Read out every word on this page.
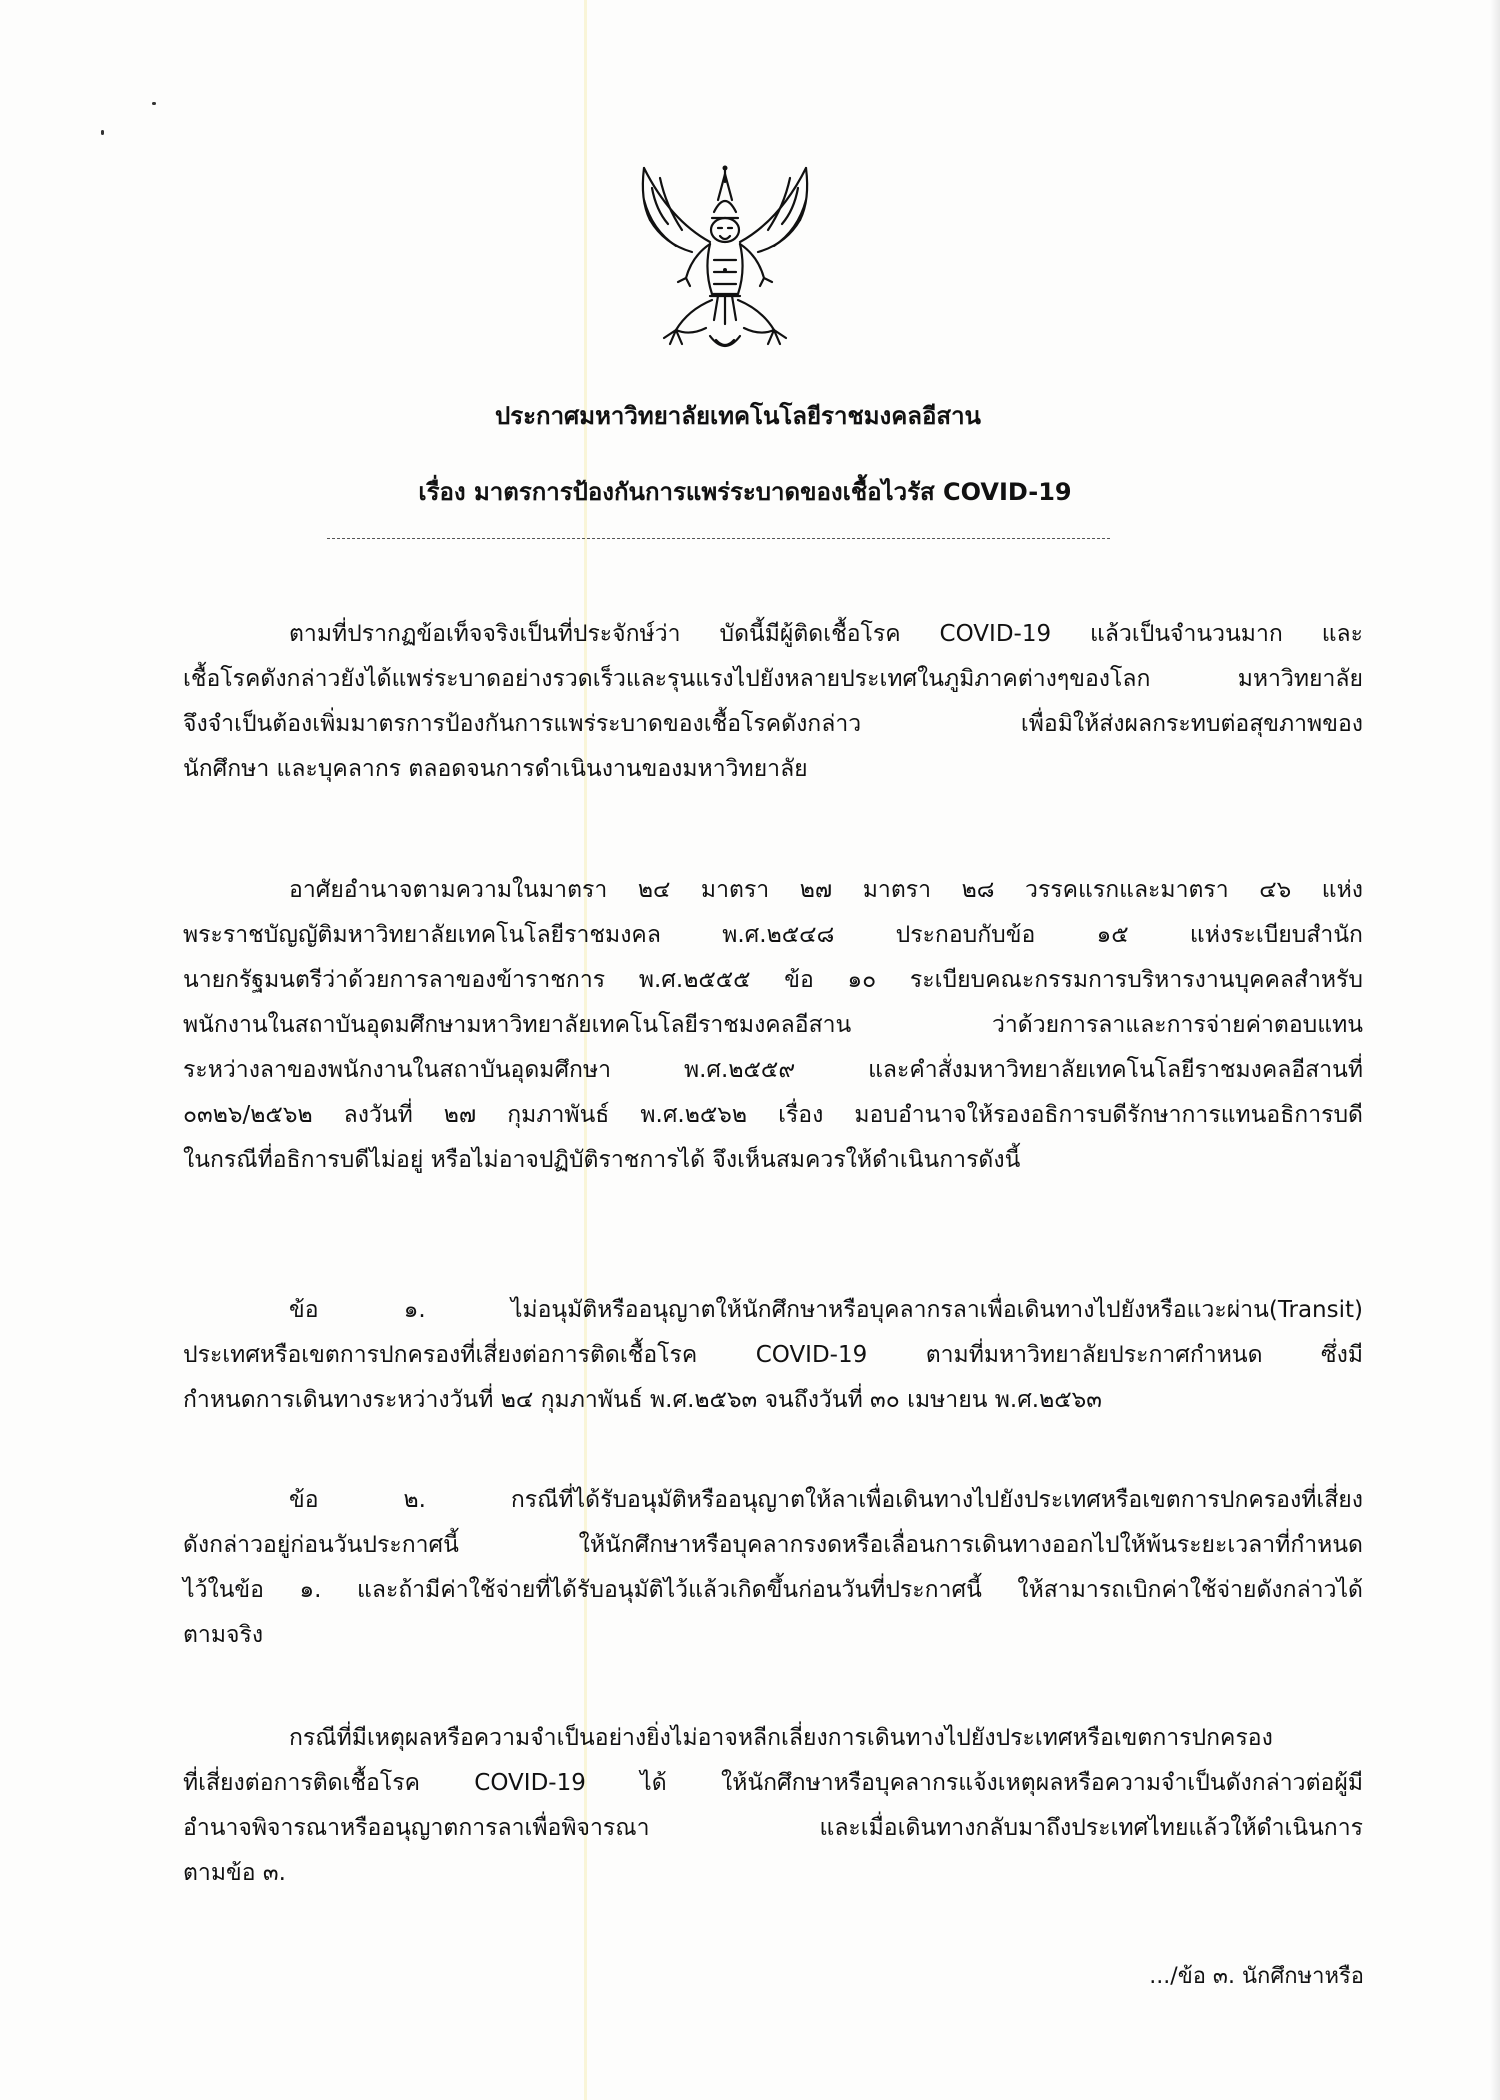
ประกาศมหาวิทยาลัยเทคโนโลยีราชมงคลอีสาน
เรื่อง มาตรการป้องกันการแพร่ระบาดของเชื้อไวรัส COVID-19
ตามที่ปรากฏข้อเท็จจริงเป็นที่ประจักษ์ว่า บัดนี้มีผู้ติดเชื้อโรค COVID-19 แล้วเป็นจำนวนมาก และ
เชื้อโรคดังกล่าวยังได้แพร่ระบาดอย่างรวดเร็วและรุนแรงไปยังหลายประเทศในภูมิภาคต่างๆของโลก มหาวิทยาลัย
จึงจำเป็นต้องเพิ่มมาตรการป้องกันการแพร่ระบาดของเชื้อโรคดังกล่าว เพื่อมิให้ส่งผลกระทบต่อสุขภาพของ
นักศึกษา และบุคลากร ตลอดจนการดำเนินงานของมหาวิทยาลัย
อาศัยอำนาจตามความในมาตรา ๒๔ มาตรา ๒๗ มาตรา ๒๘ วรรคแรกและมาตรา ๔๖ แห่ง
พระราชบัญญัติมหาวิทยาลัยเทคโนโลยีราชมงคล พ.ศ.๒๕๔๘ ประกอบกับข้อ ๑๕ แห่งระเบียบสำนัก
นายกรัฐมนตรีว่าด้วยการลาของข้าราชการ พ.ศ.๒๕๕๕ ข้อ ๑๐ ระเบียบคณะกรรมการบริหารงานบุคคลสำหรับ
พนักงานในสถาบันอุดมศึกษามหาวิทยาลัยเทคโนโลยีราชมงคลอีสาน ว่าด้วยการลาและการจ่ายค่าตอบแทน
ระหว่างลาของพนักงานในสถาบันอุดมศึกษา พ.ศ.๒๕๕๙ และคำสั่งมหาวิทยาลัยเทคโนโลยีราชมงคลอีสานที่
๐๓๒๖/๒๕๖๒ ลงวันที่ ๒๗ กุมภาพันธ์ พ.ศ.๒๕๖๒ เรื่อง มอบอำนาจให้รองอธิการบดีรักษาการแทนอธิการบดี
ในกรณีที่อธิการบดีไม่อยู่ หรือไม่อาจปฏิบัติราชการได้ จึงเห็นสมควรให้ดำเนินการดังนี้
ข้อ ๑. ไม่อนุมัติหรืออนุญาตให้นักศึกษาหรือบุคลากรลาเพื่อเดินทางไปยังหรือแวะผ่าน(Transit)
ประเทศหรือเขตการปกครองที่เสี่ยงต่อการติดเชื้อโรค COVID-19 ตามที่มหาวิทยาลัยประกาศกำหนด ซึ่งมี
กำหนดการเดินทางระหว่างวันที่ ๒๔ กุมภาพันธ์ พ.ศ.๒๕๖๓ จนถึงวันที่ ๓๐ เมษายน พ.ศ.๒๕๖๓
ข้อ ๒. กรณีที่ได้รับอนุมัติหรืออนุญาตให้ลาเพื่อเดินทางไปยังประเทศหรือเขตการปกครองที่เสี่ยง
ดังกล่าวอยู่ก่อนวันประกาศนี้ ให้นักศึกษาหรือบุคลากรงดหรือเลื่อนการเดินทางออกไปให้พ้นระยะเวลาที่กำหนด
ไว้ในข้อ ๑. และถ้ามีค่าใช้จ่ายที่ได้รับอนุมัติไว้แล้วเกิดขึ้นก่อนวันที่ประกาศนี้ ให้สามารถเบิกค่าใช้จ่ายดังกล่าวได้
ตามจริง
กรณีที่มีเหตุผลหรือความจำเป็นอย่างยิ่งไม่อาจหลีกเลี่ยงการเดินทางไปยังประเทศหรือเขตการปกครอง
ที่เสี่ยงต่อการติดเชื้อโรค COVID-19 ได้ ให้นักศึกษาหรือบุคลากรแจ้งเหตุผลหรือความจำเป็นดังกล่าวต่อผู้มี
อำนาจพิจารณาหรืออนุญาตการลาเพื่อพิจารณา และเมื่อเดินทางกลับมาถึงประเทศไทยแล้วให้ดำเนินการ
ตามข้อ ๓.
.../ข้อ ๓. นักศึกษาหรือ
